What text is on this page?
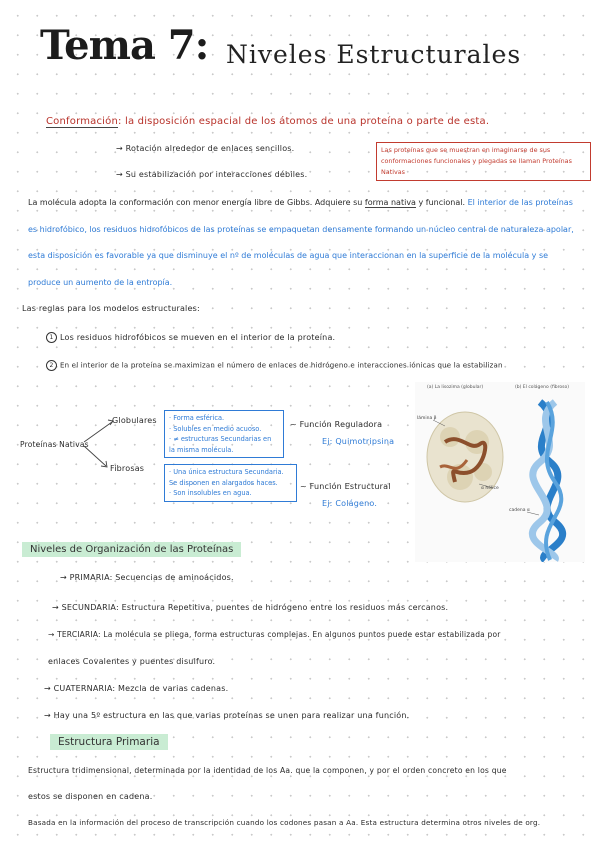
Tema 7: Niveles Estructurales
Conformación: la disposición espacial de los átomos de una proteína o parte de esta.
→ Rotación alrededor de enlaces sencillos.
→ Su estabilización por interacciones débiles.
Las proteínas que se muestran en imaginarse de sus conformaciones funcionales y plegadas se llaman Proteínas Nativas
La molécula adopta la conformación con menor energía libre de Gibbs. Adquiere su forma nativa y funcional. El interior de las proteínas es hidrofóbico, los residuos hidrofóbicos de las proteínas se empaquetan densamente formando un núcleo central de naturaleza apolar, esta disposición es favorable ya que disminuye el nº de moléculas de agua que interaccionan en la superficie de la molécula y se produce un aumento de la entropía.
Las reglas para los modelos estructurales:
1 Los residuos hidrofóbicos se mueven en el interior de la proteína.
2 En el interior de la proteína se maximizan el número de enlaces de hidrógeno e interacciones iónicas que la estabilizan
Proteínas Nativas
Globulares · Forma esférica.
· Solubles en medio acuoso.
· ≠ estructuras Secundarias en la misma molécula.
~ Función Reguladora
Ej: Quimotripsina
Fibrosas	· Una única estructura Secundaria.
Se disponen en alargados haces.
· Son insolubles en agua.
~ Función Estructural
Ej: Colágeno.
(a) La lisozima (globular)	(b) El colágeno (fibroso)
lámina β
α hélice
cadena α
Niveles de Organización de las Proteínas
→ PRIMARIA: Secuencias de aminoácidos.
→ SECUNDARIA: Estructura Repetitiva, puentes de hidrógeno entre los residuos más cercanos.
→ TERCIARIA: La molécula se pliega, forma estructuras complejas. En algunos puntos puede estar estabilizada por
enlaces Covalentes y puentes disulfuro.
→ CUATERNARIA: Mezcla de varias cadenas.
→ Hay una 5º estructura en las que varias proteínas se unen para realizar una función.
Estructura Primaria
Estructura tridimensional, determinada por la identidad de los Aa. que la componen, y por el orden concreto en los que
estos se disponen en cadena.
Basada en la información del proceso de transcripción cuando los codones pasan a Aa. Esta estructura determina otros niveles de org.
